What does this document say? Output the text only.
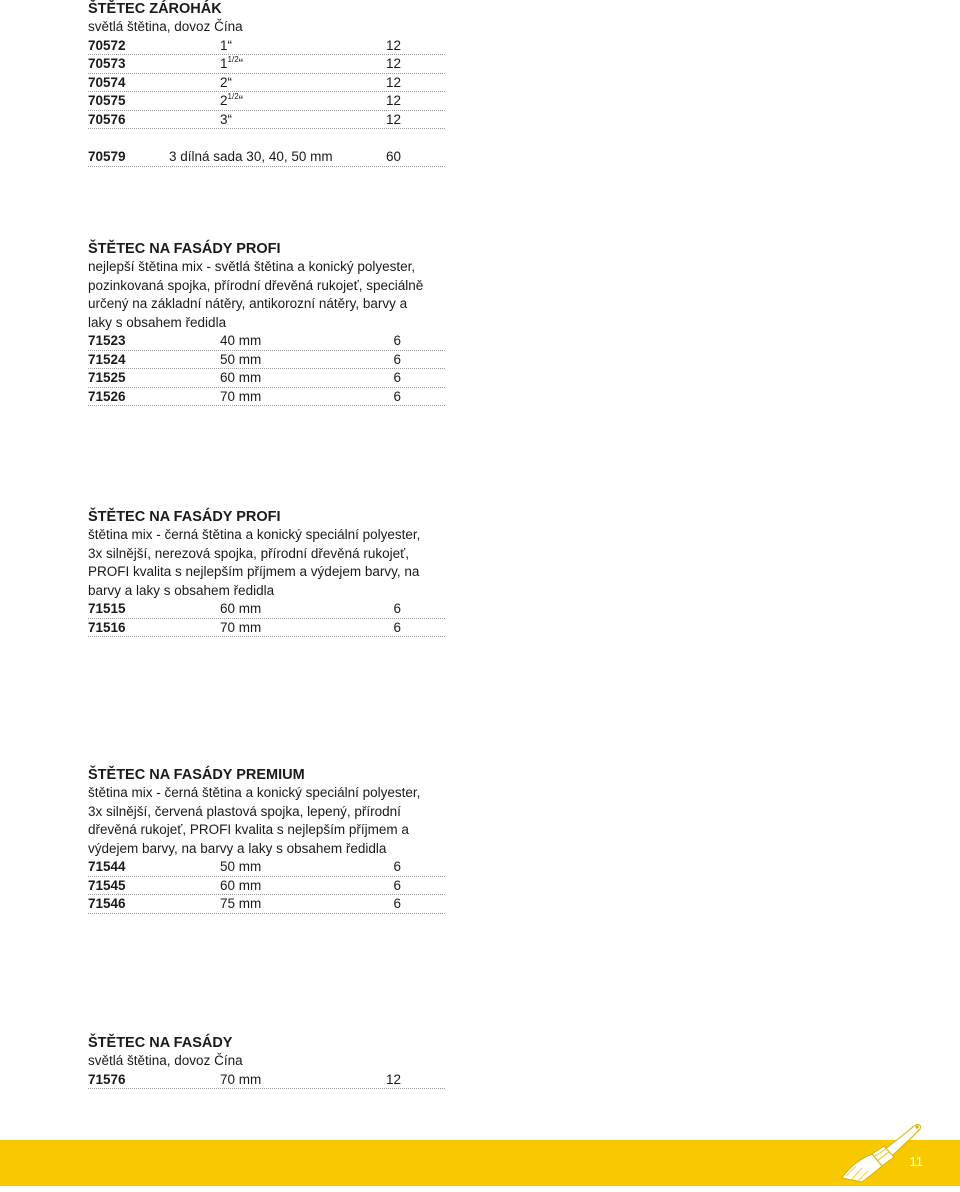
ŠTĚTEC ZÁROHÁK
světlá štětina, dovoz Čína
70572	1“	12
70573	$1^{1/2}“$	12
70574	2“	12
70575	$2^{1/2}“$	12
70576	3“	12
70579	3 dílná sada 30, 40, 50 mm	60
ŠTĚTEC NA FASÁDY PROFI
nejlepší štětina mix - světlá štětina a konický polyester,
pozinkovaná spojka, přírodní dřevěná rukojeť, speciálně
určený na základní nátěry, antikorozní nátěry, barvy a
laky s obsahem ředidla
71523	40 mm	6
71524	50 mm	6
71525	60 mm	6
71526	70 mm	6
ŠTĚTEC NA FASÁDY PROFI
štětina mix - černá štětina a konický speciální polyester,
3x silnější, nerezová spojka, přírodní dřevěná rukojeť,
PROFI kvalita s nejlepším příjmem a výdejem barvy, na
barvy a laky s obsahem ředidla
71515	60 mm	6
71516	70 mm	6
ŠTĚTEC NA FASÁDY PREMIUM
štětina mix - černá štětina a konický speciální polyester,
3x silnější, červená plastová spojka, lepený, přírodní
dřevěná rukojeť, PROFI kvalita s nejlepším příjmem a
výdejem barvy, na barvy a laky s obsahem ředidla
71544	50 mm	6
71545	60 mm	6
71546	75 mm	6
ŠTĚTEC NA FASÁDY
světlá štětina, dovoz Čína
71576	70 mm	12
11
